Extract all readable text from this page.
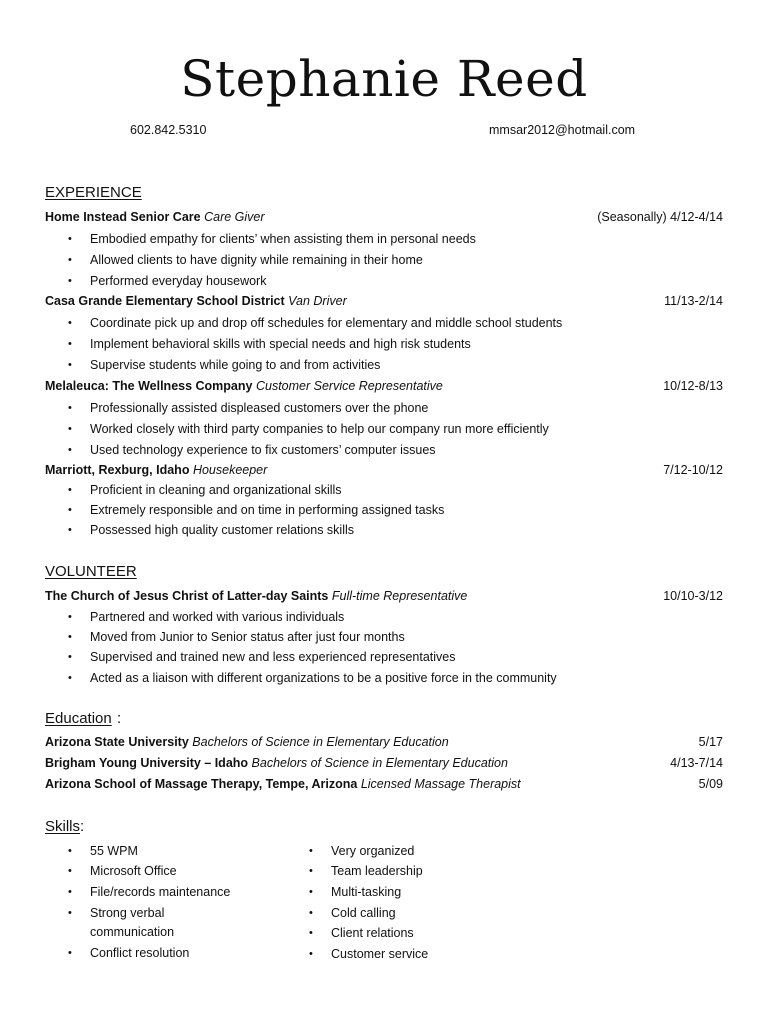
Stephanie Reed
602.842.5310	mmsar2012@hotmail.com
EXPERIENCE
Home Instead Senior Care Care Giver	(Seasonally) 4/12-4/14
• Embodied empathy for clients’ when assisting them in personal needs
• Allowed clients to have dignity while remaining in their home
• Performed everyday housework
Casa Grande Elementary School District Van Driver	11/13-2/14
• Coordinate pick up and drop off schedules for elementary and middle school students
• Implement behavioral skills with special needs and high risk students
• Supervise students while going to and from activities
Melaleuca: The Wellness Company Customer Service Representative	10/12-8/13
• Professionally assisted displeased customers over the phone
• Worked closely with third party companies to help our company run more efficiently
• Used technology experience to fix customers’ computer issues
Marriott, Rexburg, Idaho Housekeeper	7/12-10/12
• Proficient in cleaning and organizational skills
• Extremely responsible and on time in performing assigned tasks
• Possessed high quality customer relations skills
VOLUNTEER
The Church of Jesus Christ of Latter-day Saints Full-time Representative	10/10-3/12
• Partnered and worked with various individuals
• Moved from Junior to Senior status after just four months
• Supervised and trained new and less experienced representatives
• Acted as a liaison with different organizations to be a positive force in the community
Education :
Arizona State University Bachelors of Science in Elementary Education	5/17
Brigham Young University – Idaho Bachelors of Science in Elementary Education	4/13-7/14
Arizona School of Massage Therapy, Tempe, Arizona Licensed Massage Therapist	5/09
Skills :
• 55 WPM
• Microsoft Office
• File/records maintenance
• Strong verbal
communication
• Conflict resolution
• Very organized
• Team leadership
• Multi-tasking
• Cold calling
• Client relations
• Customer service
